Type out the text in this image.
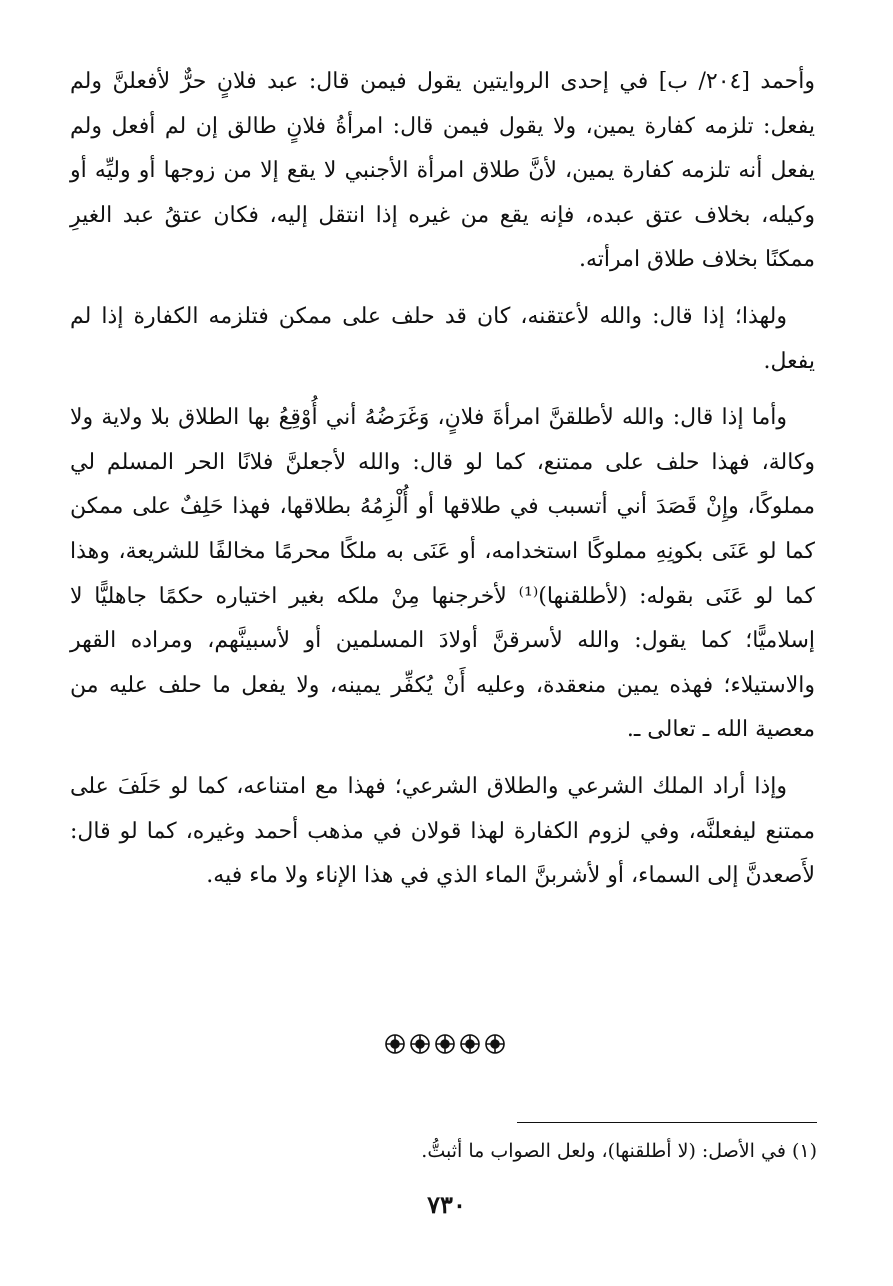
وأحمد [٢٠٤/ ب] في إحدى الروايتين يقول فيمن قال: عبد فلانٍ حرٌّ لأفعلنَّ ولم يفعل: تلزمه كفارة يمين، ولا يقول فيمن قال: امرأةُ فلانٍ طالق إن لم أفعل ولم يفعل أنه تلزمه كفارة يمين، لأنَّ طلاق امرأة الأجنبي لا يقع إلا من زوجها أو وليِّه أو وكيله، بخلاف عتق عبده، فإنه يقع من غيره إذا انتقل إليه، فكان عتقُ عبد الغيرِ ممكنًا بخلاف طلاق امرأته.

ولهذا؛ إذا قال: والله لأعتقنه، كان قد حلف على ممكن فتلزمه الكفارة إذا لم يفعل.

وأما إذا قال: والله لأطلقنَّ امرأةَ فلانٍ، وَغَرَضُهُ أني أُوْقِعُ بها الطلاق بلا ولاية ولا وكالة، فهذا حلف على ممتنع، كما لو قال: والله لأجعلنَّ فلانًا الحر المسلم لي مملوكًا، وإِنْ قَصَدَ أني أتسبب في طلاقها أو أُلْزِمُهُ بطلاقها، فهذا حَلِفٌ على ممكن كما لو عَنَى بكونِهِ مملوكًا استخدامه، أو عَنَى به ملكًا محرمًا مخالفًا للشريعة، وهذا كما لو عَنَى بقوله: (لأطلقنها)⁽¹⁾ لأخرجنها مِنْ ملكه بغير اختياره حكمًا جاهليًّا لا إسلاميًّا؛ كما يقول: والله لأسرقنَّ أولادَ المسلمين أو لأسبينَّهم، ومراده القهر والاستيلاء؛ فهذه يمين منعقدة، وعليه أَنْ يُكفِّر يمينه، ولا يفعل ما حلف عليه من معصية الله ـ تعالى ـ.

وإذا أراد الملك الشرعي والطلاق الشرعي؛ فهذا مع امتناعه، كما لو حَلَفَ على ممتنع ليفعلنَّه، وفي لزوم الكفارة لهذا قولان في مذهب أحمد وغيره، كما لو قال: لأَصعدنَّ إلى السماء، أو لأشربنَّ الماء الذي في هذا الإناء ولا ماء فيه.

(١) في الأصل: (لا أطلقنها)، ولعل الصواب ما أثبتُّ.
٧٣٠
